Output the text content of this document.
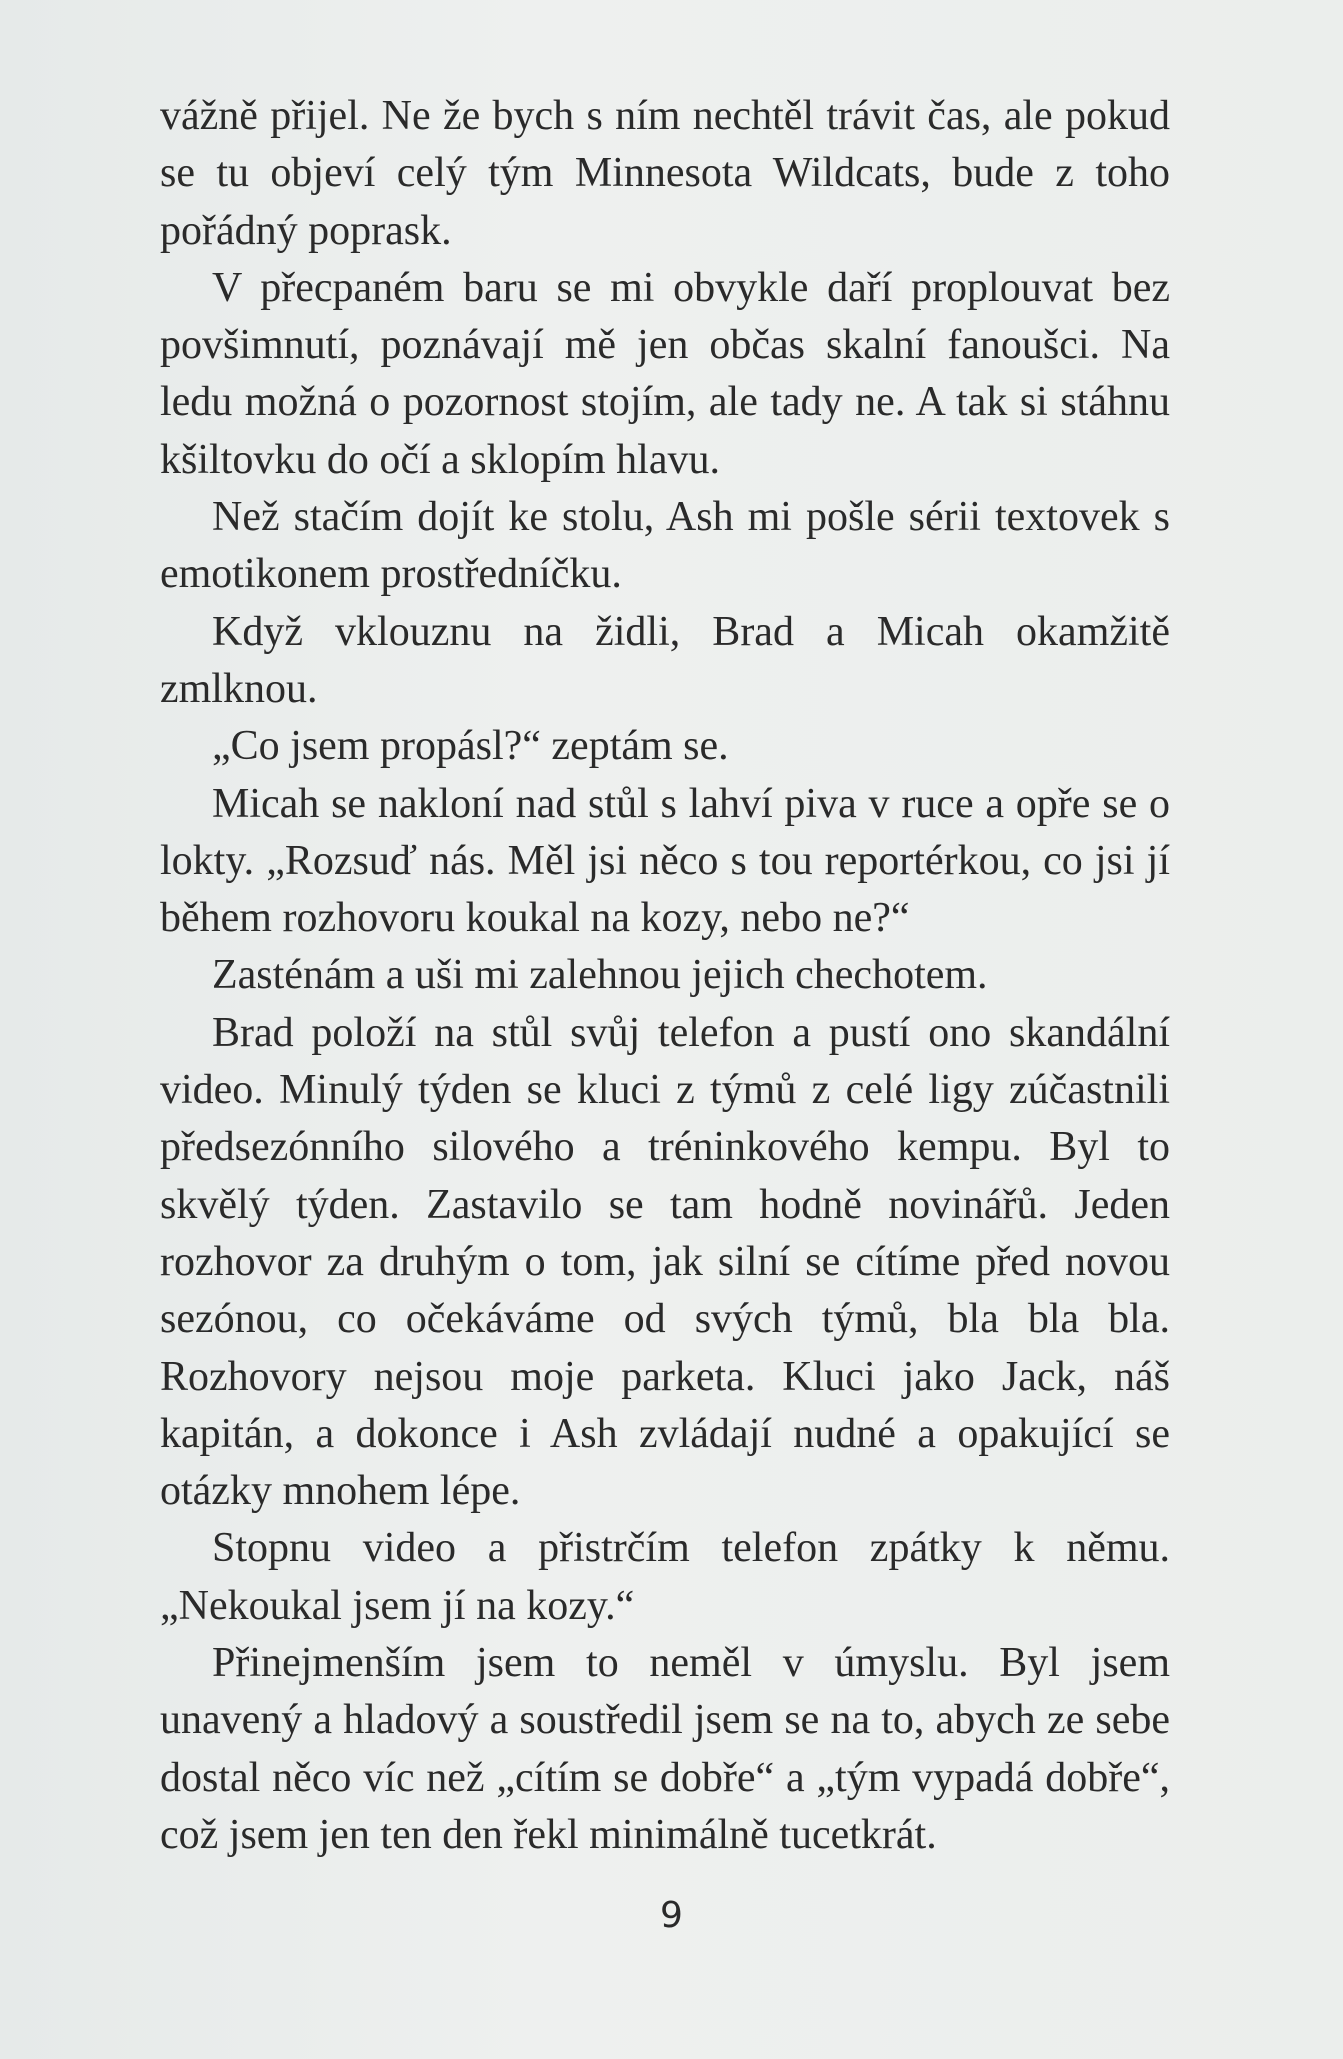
vážně přijel. Ne že bych s ním nechtěl trávit čas, ale pokud se tu objeví celý tým Minnesota Wildcats, bude z toho pořádný poprask.

V přecpaném baru se mi obvykle daří proplouvat bez povšimnutí, poznávají mě jen občas skalní fanoušci. Na ledu možná o pozornost stojím, ale tady ne. A tak si stáhnu kšiltovku do očí a sklopím hlavu.

Než stačím dojít ke stolu, Ash mi pošle sérii textovek s emotikonem prostředníčku.

Když vklouznu na židli, Brad a Micah okamžitě zmlknou.

„Co jsem propásl?“ zeptám se.

Micah se nakloní nad stůl s lahví piva v ruce a opře se o lokty. „Rozsuď nás. Měl jsi něco s tou reportérkou, co jsi jí během rozhovoru koukal na kozy, nebo ne?“

Zasténám a uši mi zalehnou jejich chechotem.

Brad položí na stůl svůj telefon a pustí ono skandální video. Minulý týden se kluci z týmů z celé ligy zúčastnili předsezónního silového a tréninkového kempu. Byl to skvělý týden. Zastavilo se tam hodně novinářů. Jeden rozhovor za druhým o tom, jak silní se cítíme před novou sezónou, co očekáváme od svých týmů, bla bla bla. Rozhovory nejsou moje parketa. Kluci jako Jack, náš kapitán, a dokonce i Ash zvládají nudné a opakující se otázky mnohem lépe.

Stopnu video a přistrčím telefon zpátky k němu. „Nekoukal jsem jí na kozy.“

Přinejmenším jsem to neměl v úmyslu. Byl jsem unavený a hladový a soustředil jsem se na to, abych ze sebe dostal něco víc než „cítím se dobře“ a „tým vypadá dobře“, což jsem jen ten den řekl minimálně tucetkrát.

9
